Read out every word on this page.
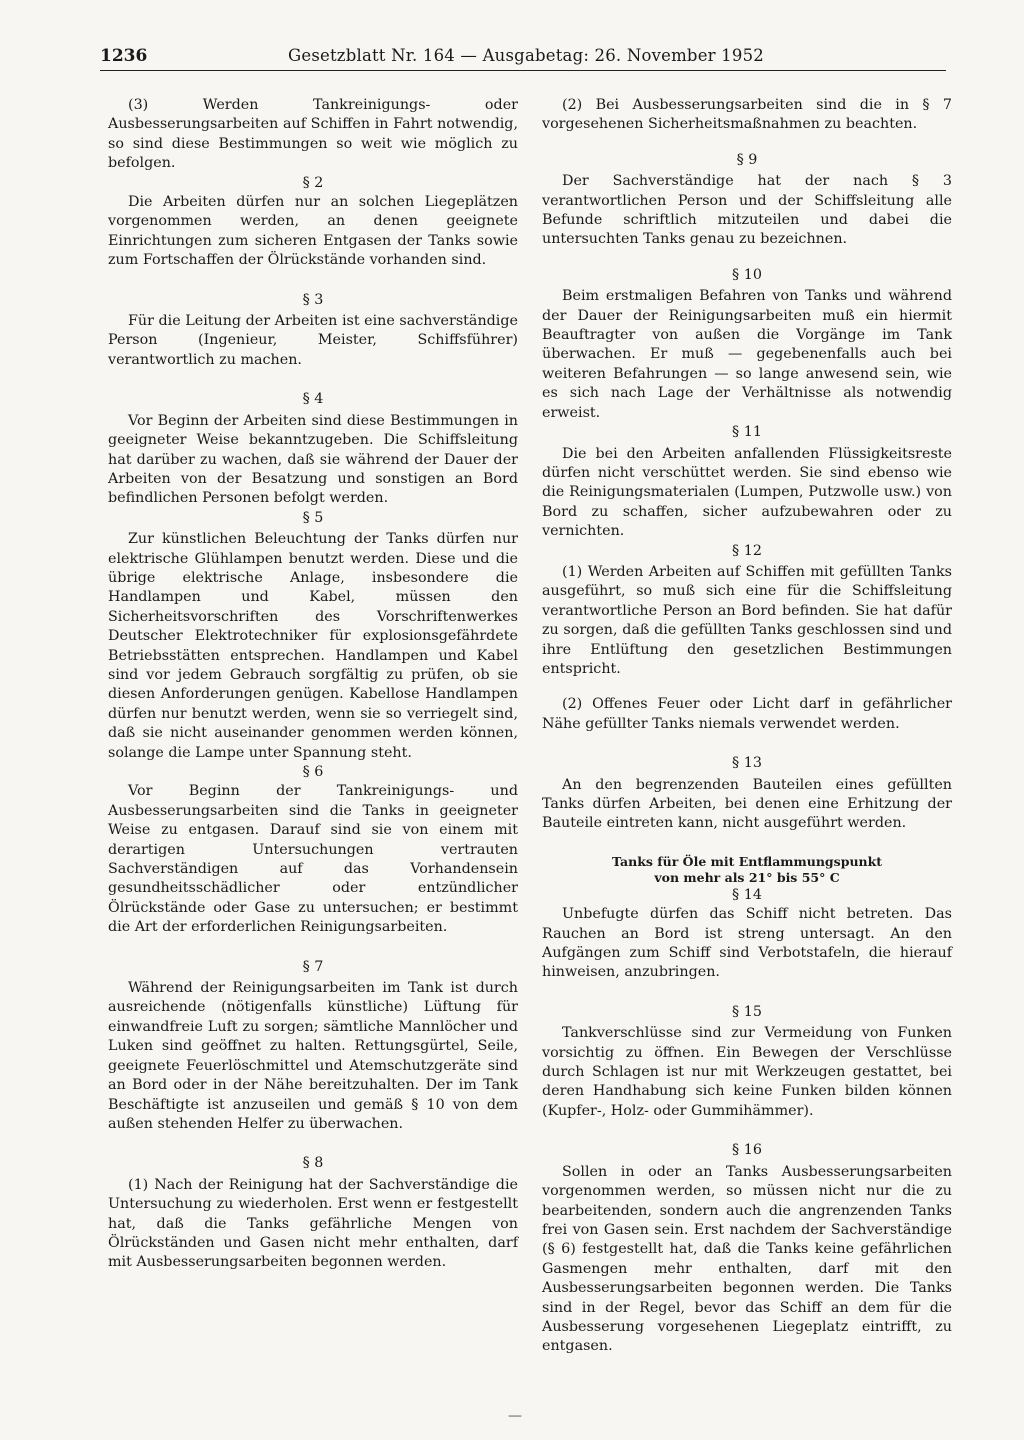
1236	Gesetzblatt Nr. 164 — Ausgabetag: 26. November 1952

(3) Werden Tankreinigungs- oder Ausbesserungsarbeiten auf Schiffen in Fahrt notwendig, so sind diese Bestimmungen so weit wie möglich zu befolgen.

§ 2

Die Arbeiten dürfen nur an solchen Liegeplätzen vorgenommen werden, an denen geeignete Einrichtungen zum sicheren Entgasen der Tanks sowie zum Fortschaffen der Ölrückstände vorhanden sind.

§ 3

Für die Leitung der Arbeiten ist eine sachverständige Person (Ingenieur, Meister, Schiffsführer) verantwortlich zu machen.

§ 4

Vor Beginn der Arbeiten sind diese Bestimmungen in geeigneter Weise bekanntzugeben. Die Schiffsleitung hat darüber zu wachen, daß sie während der Dauer der Arbeiten von der Besatzung und sonstigen an Bord befindlichen Personen befolgt werden.

§ 5

Zur künstlichen Beleuchtung der Tanks dürfen nur elektrische Glühlampen benutzt werden. Diese und die übrige elektrische Anlage, insbesondere die Handlampen und Kabel, müssen den Sicherheitsvorschriften des Vorschriftenwerkes Deutscher Elektrotechniker für explosionsgefährdete Betriebsstätten entsprechen. Handlampen und Kabel sind vor jedem Gebrauch sorgfältig zu prüfen, ob sie diesen Anforderungen genügen. Kabellose Handlampen dürfen nur benutzt werden, wenn sie so verriegelt sind, daß sie nicht auseinander genommen werden können, solange die Lampe unter Spannung steht.

§ 6

Vor Beginn der Tankreinigungs- und Ausbesserungsarbeiten sind die Tanks in geeigneter Weise zu entgasen. Darauf sind sie von einem mit derartigen Untersuchungen vertrauten Sachverständigen auf das Vorhandensein gesundheitsschädlicher oder entzündlicher Ölrückstände oder Gase zu untersuchen; er bestimmt die Art der erforderlichen Reinigungsarbeiten.

§ 7

Während der Reinigungsarbeiten im Tank ist durch ausreichende (nötigenfalls künstliche) Lüftung für einwandfreie Luft zu sorgen; sämtliche Mannlöcher und Luken sind geöffnet zu halten. Rettungsgürtel, Seile, geeignete Feuerlöschmittel und Atemschutzgeräte sind an Bord oder in der Nähe bereitzuhalten. Der im Tank Beschäftigte ist anzuseilen und gemäß § 10 von dem außen stehenden Helfer zu überwachen.

§ 8

(1) Nach der Reinigung hat der Sachverständige die Untersuchung zu wiederholen. Erst wenn er festgestellt hat, daß die Tanks gefährliche Mengen von Ölrückständen und Gasen nicht mehr enthalten, darf mit Ausbesserungsarbeiten begonnen werden.

(2) Bei Ausbesserungsarbeiten sind die in § 7 vorgesehenen Sicherheitsmaßnahmen zu beachten.

§ 9

Der Sachverständige hat der nach § 3 verantwortlichen Person und der Schiffsleitung alle Befunde schriftlich mitzuteilen und dabei die untersuchten Tanks genau zu bezeichnen.

§ 10

Beim erstmaligen Befahren von Tanks und während der Dauer der Reinigungsarbeiten muß ein hiermit Beauftragter von außen die Vorgänge im Tank überwachen. Er muß — gegebenenfalls auch bei weiteren Befahrungen — so lange anwesend sein, wie es sich nach Lage der Verhältnisse als notwendig erweist.

§ 11

Die bei den Arbeiten anfallenden Flüssigkeitsreste dürfen nicht verschüttet werden. Sie sind ebenso wie die Reinigungsmaterialen (Lumpen, Putzwolle usw.) von Bord zu schaffen, sicher aufzubewahren oder zu vernichten.

§ 12

(1) Werden Arbeiten auf Schiffen mit gefüllten Tanks ausgeführt, so muß sich eine für die Schiffsleitung verantwortliche Person an Bord befinden. Sie hat dafür zu sorgen, daß die gefüllten Tanks geschlossen sind und ihre Entlüftung den gesetzlichen Bestimmungen entspricht.

(2) Offenes Feuer oder Licht darf in gefährlicher Nähe gefüllter Tanks niemals verwendet werden.

§ 13

An den begrenzenden Bauteilen eines gefüllten Tanks dürfen Arbeiten, bei denen eine Erhitzung der Bauteile eintreten kann, nicht ausgeführt werden.

Tanks für Öle mit Entflammungspunkt
von mehr als 21° bis 55° C
§ 14

Unbefugte dürfen das Schiff nicht betreten. Das Rauchen an Bord ist streng untersagt. An den Aufgängen zum Schiff sind Verbotstafeln, die hierauf hinweisen, anzubringen.

§ 15

Tankverschlüsse sind zur Vermeidung von Funken vorsichtig zu öffnen. Ein Bewegen der Verschlüsse durch Schlagen ist nur mit Werkzeugen gestattet, bei deren Handhabung sich keine Funken bilden können (Kupfer-, Holz- oder Gummihämmer).

§ 16

Sollen in oder an Tanks Ausbesserungsarbeiten vorgenommen werden, so müssen nicht nur die zu bearbeitenden, sondern auch die angrenzenden Tanks frei von Gasen sein. Erst nachdem der Sachverständige (§ 6) festgestellt hat, daß die Tanks keine gefährlichen Gasmengen mehr enthalten, darf mit den Ausbesserungsarbeiten begonnen werden. Die Tanks sind in der Regel, bevor das Schiff an dem für die Ausbesserung vorgesehenen Liegeplatz eintrifft, zu entgasen.

—
